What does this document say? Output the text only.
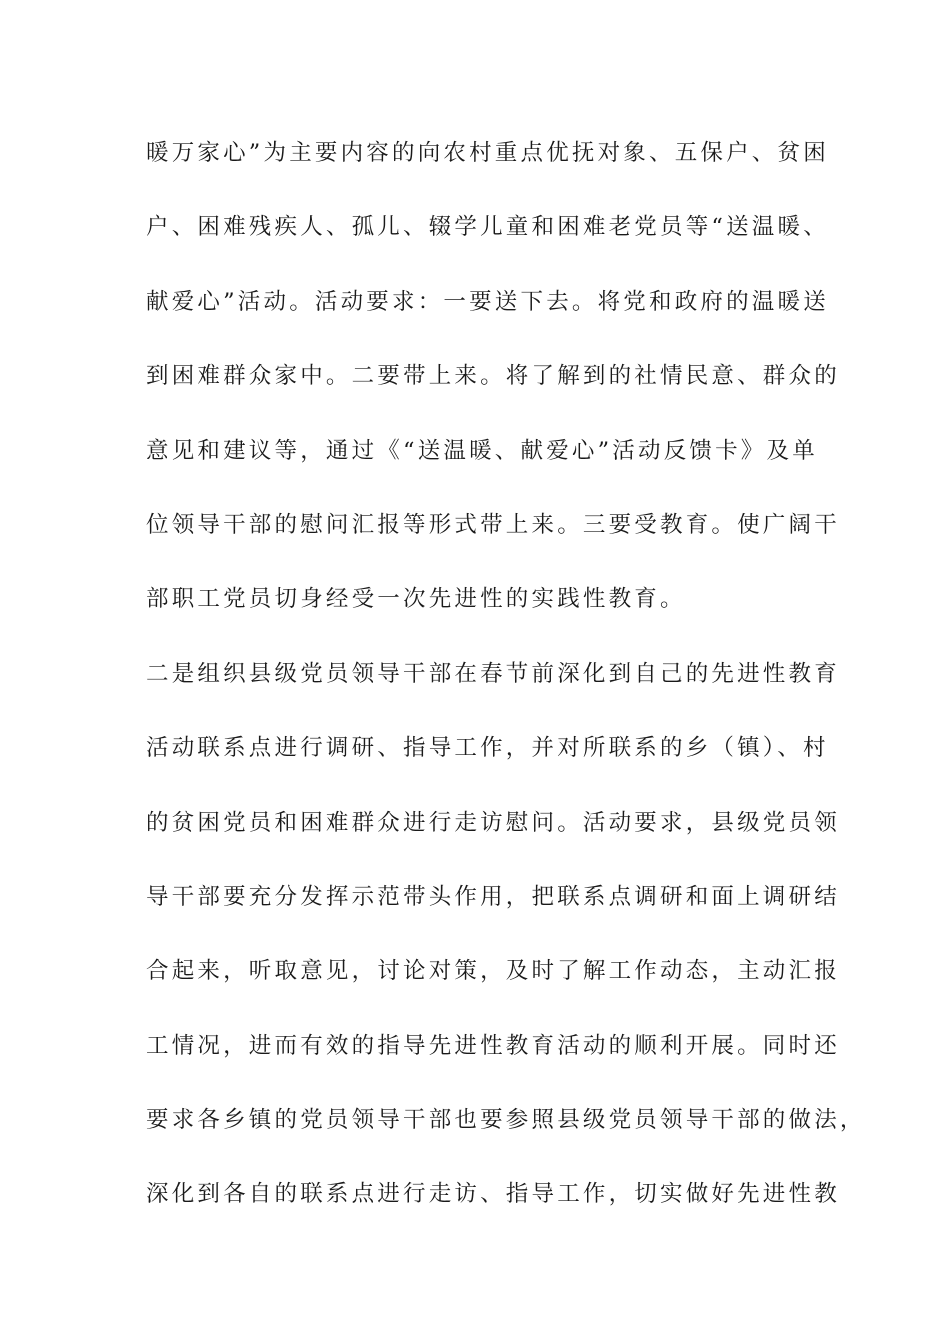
暖万家心”为主要内容的向农村重点优抚对象、五保户、贫困
户、困难残疾人、孤儿、辍学儿童和困难老党员等“送温暖、
献爱心”活动。活动要求：一要送下去。将党和政府的温暖送
到困难群众家中。二要带上来。将了解到的社情民意、群众的
意见和建议等，通过《“送温暖、献爱心”活动反馈卡》及单
位领导干部的慰问汇报等形式带上来。三要受教育。使广阔干
部职工党员切身经受一次先进性的实践性教育。
二是组织县级党员领导干部在春节前深化到自己的先进性教育
活动联系点进行调研、指导工作，并对所联系的乡（镇）、村
的贫困党员和困难群众进行走访慰问。活动要求，县级党员领
导干部要充分发挥示范带头作用，把联系点调研和面上调研结
合起来，听取意见，讨论对策，及时了解工作动态，主动汇报
工情况，进而有效的指导先进性教育活动的顺利开展。同时还
要求各乡镇的党员领导干部也要参照县级党员领导干部的做法，
深化到各自的联系点进行走访、指导工作，切实做好先进性教
